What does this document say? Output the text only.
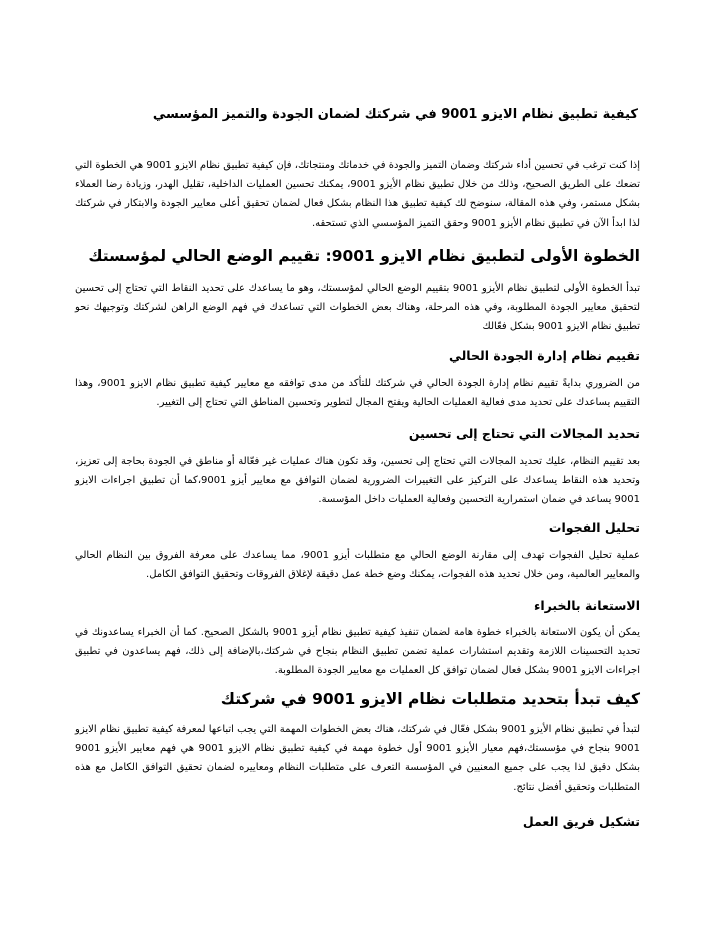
كيفية تطبيق نظام الايزو 9001 في شركتك لضمان الجودة والتميز المؤسسي

إذا كنت ترغب في تحسين أداء شركتك وضمان التميز والجودة في خدماتك ومنتجاتك، فإن كيفية تطبيق نظام الايزو 9001 هي الخطوة التي تضعك على الطريق الصحيح، وذلك من خلال تطبيق نظام الأيزو 9001، يمكنك تحسين العمليات الداخلية، تقليل الهدر، وزيادة رضا العملاء بشكل مستمر، وفي هذه المقالة، سنوضح لك كيفية تطبيق هذا النظام بشكل فعال لضمان تحقيق أعلى معايير الجودة والابتكار في شركتك لذا ابدأ الآن في تطبيق نظام الأيزو 9001 وحقق التميز المؤسسي الذي تستحقه.

الخطوة الأولى لتطبيق نظام الايزو 9001: تقييم الوضع الحالي لمؤسستك

تبدأ الخطوة الأولى لتطبيق نظام الأيزو 9001 بتقييم الوضع الحالي لمؤسستك، وهو ما يساعدك على تحديد النقاط التي تحتاج إلى تحسين لتحقيق معايير الجودة المطلوبة، وفي هذه المرحلة، وهناك بعض الخطوات التي تساعدك في فهم الوضع الراهن لشركتك وتوجيهك نحو تطبيق نظام الايزو 9001 بشكل فعّالك

تقييم نظام إدارة الجودة الحالي

من الضروري بدايةً تقييم نظام إدارة الجودة الحالي في شركتك للتأكد من مدى توافقه مع معايير كيفية تطبيق نظام الايزو 9001، وهذا التقييم يساعدك على تحديد مدى فعالية العمليات الحالية ويفتح المجال لتطوير وتحسين المناطق التي تحتاج إلى التغيير.

تحديد المجالات التي تحتاج إلى تحسين

بعد تقييم النظام، عليك تحديد المجالات التي تحتاج إلى تحسين، وقد تكون هناك عمليات غير فعّالة أو مناطق في الجودة بحاجة إلى تعزيز، وتحديد هذه النقاط يساعدك على التركيز على التغييرات الضرورية لضمان التوافق مع معايير أيزو 9001،كما أن تطبيق اجراءات الايزو 9001 يساعد في ضمان استمرارية التحسين وفعالية العمليات داخل المؤسسة.

تحليل الفجوات

عملية تحليل الفجوات تهدف إلى مقارنة الوضع الحالي مع متطلبات أيزو 9001، مما يساعدك على معرفة الفروق بين النظام الحالي والمعايير العالمية، ومن خلال تحديد هذه الفجوات، يمكنك وضع خطة عمل دقيقة لإغلاق الفروقات وتحقيق التوافق الكامل.

الاستعانة بالخبراء

يمكن أن يكون الاستعانة بالخبراء خطوة هامة لضمان تنفيذ كيفية تطبيق نظام أيزو 9001 بالشكل الصحيح. كما أن الخبراء يساعدونك في تحديد التحسينات اللازمة وتقديم استشارات عملية تضمن تطبيق النظام بنجاح في شركتك،بالإضافة إلى ذلك، فهم يساعدون في تطبيق اجراءات الايزو 9001 بشكل فعال لضمان توافق كل العمليات مع معايير الجودة المطلوبة.

كيف تبدأ بتحديد متطلبات نظام الايزو 9001 في شركتك

لتبدأ في تطبيق نظام الأيزو 9001 بشكل فعّال في شركتك، هناك بعض الخطوات المهمة التي يجب اتباعها لمعرفة كيفية تطبيق نظام الايزو 9001 بنجاح في مؤسستك،فهم معيار الأيزو 9001 أول خطوة مهمة في كيفية تطبيق نظام الايزو 9001 هي فهم معايير الأيزو 9001 بشكل دقيق لذا يجب على جميع المعنيين في المؤسسة التعرف على متطلبات النظام ومعاييره لضمان تحقيق التوافق الكامل مع هذه المتطلبات وتحقيق أفضل نتائج.

تشكيل فريق العمل
